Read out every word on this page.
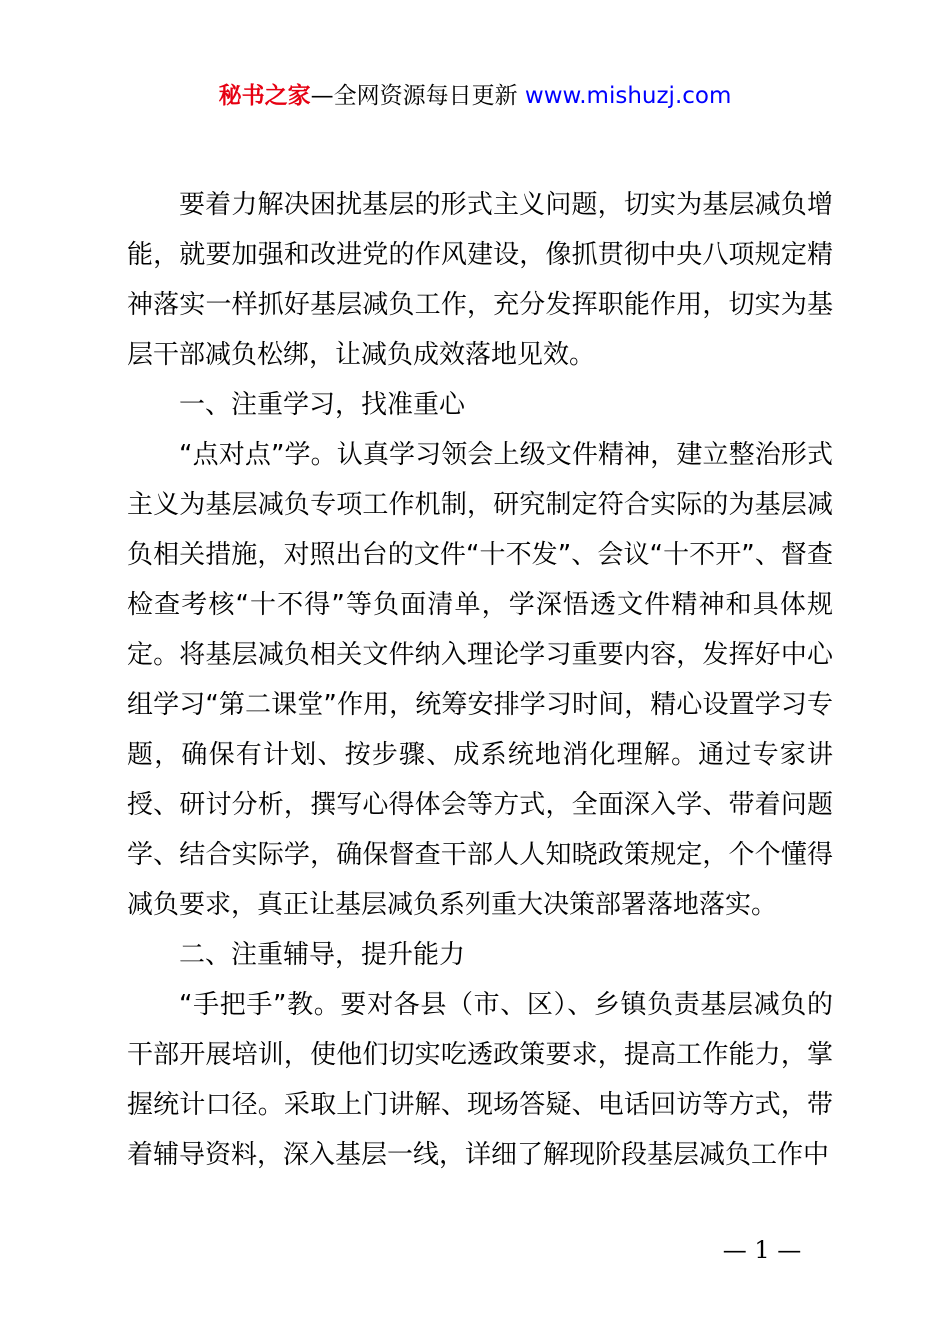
秘书之家—全网资源每日更新 www.mishuzj.com

要着力解决困扰基层的形式主义问题，切实为基层减负增能，就要加强和改进党的作风建设，像抓贯彻中央八项规定精神落实一样抓好基层减负工作，充分发挥职能作用，切实为基层干部减负松绑，让减负成效落地见效。

一、注重学习，找准重心

“点对点”学。认真学习领会上级文件精神，建立整治形式主义为基层减负专项工作机制，研究制定符合实际的为基层减负相关措施，对照出台的文件“十不发”、会议“十不开”、督查检查考核“十不得”等负面清单，学深悟透文件精神和具体规定。将基层减负相关文件纳入理论学习重要内容，发挥好中心组学习“第二课堂”作用，统筹安排学习时间，精心设置学习专题，确保有计划、按步骤、成系统地消化理解。通过专家讲授、研讨分析，撰写心得体会等方式，全面深入学、带着问题学、结合实际学，确保督查干部人人知晓政策规定，个个懂得减负要求，真正让基层减负系列重大决策部署落地落实。

二、注重辅导，提升能力

“手把手”教。要对各县（市、区）、乡镇负责基层减负的干部开展培训，使他们切实吃透政策要求，提高工作能力，掌握统计口径。采取上门讲解、现场答疑、电话回访等方式，带着辅导资料，深入基层一线，详细了解现阶段基层减负工作中

— 1 —
